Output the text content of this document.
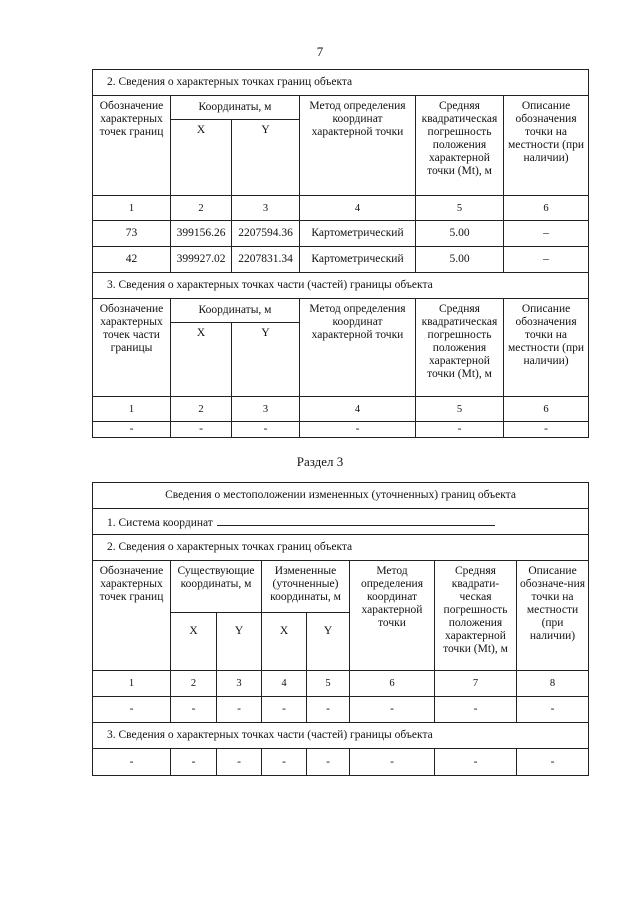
7
2. Сведения о характерных точках границ объекта					
Обозначение характерных точек границ	Координаты, м		Метод определения координат характерной точки	Средняя квадратическая погрешность положения характерной точки (Mt), м	Описание обозначения точки на местности (при наличии)
	X	Y			
1	2	3	4	5	6
73	399156.26	2207594.36	Картометрический	5.00	–
42	399927.02	2207831.34	Картометрический	5.00	–
3. Сведения о характерных точках части (частей) границы объекта					
Обозначение характерных точек части границы	Координаты, м		Метод определения координат характерной точки	Средняя квадратическая погрешность положения характерной точки (Mt), м	Описание обозначения точки на местности (при наличии)
	X	Y			
1	2	3	4	5	6
-	-	-	-	-	-
Раздел 3
Сведения о местоположении измененных (уточненных) границ объекта							
1. Система координат							
2. Сведения о характерных точках границ объекта							
Обозначение характерных точек границ	Существующие координаты, м		Измененные (уточненные) координаты, м		Метод определения координат характерной точки	Средняя квадрати-ческая погрешность положения характерной точки (Mt), м	Описание обозначе-ния точки на местности (при наличии)
	X	Y	X	Y			
1	2	3	4	5	6	7	8
-	-	-	-	-	-	-	-
3. Сведения о характерных точках части (частей) границы объекта							
-	-	-	-	-	-	-	-
